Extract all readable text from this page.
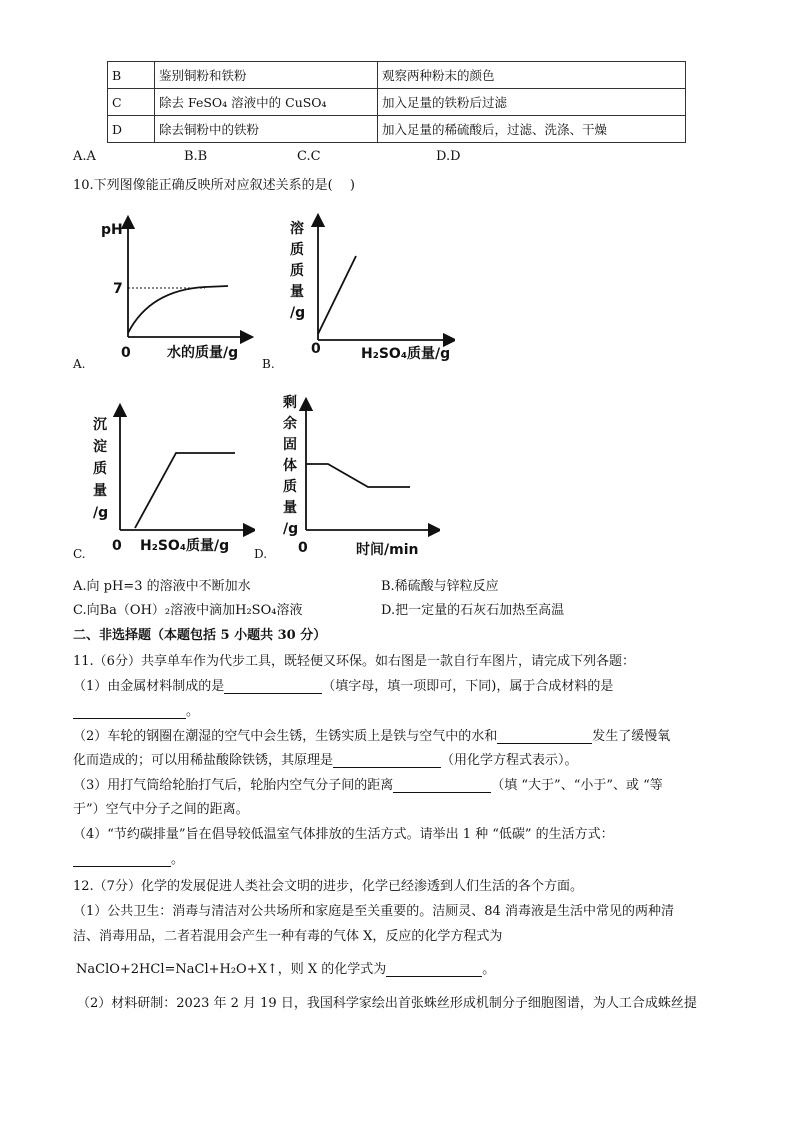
B	鉴别铜粉和铁粉	观察两种粉末的颜色
C	除去 FeSO₄ 溶液中的 CuSO₄	加入足量的铁粉后过滤
D	除去铜粉中的铁粉	加入足量的稀硫酸后，过滤、洗涤、干燥
A.A	B.B	C.C	D.D
10.下列图像能正确反映所对应叙述关系的是(　 )
pH
7
0	水的质量/g
A.
溶
质
质
量
/g
0	H₂SO₄质量/g
B.
沉
淀
质
量
/g
0 H₂SO₄质量/g
C.
剩
余
固
体
质
量
/g
0	时间/min
D.
A.向 pH=3 的溶液中不断加水	B.稀硫酸与锌粒反应
C.向Ba（OH）₂溶液中滴加H₂SO₄溶液	D.把一定量的石灰石加热至高温
二、非选择题（本题包括 5 小题共 30 分）
11.（6分）共享单车作为代步工具，既轻便又环保。如右图是一款自行车图片，请完成下列各题：
（1）由金属材料制成的是	（填字母，填一项即可，下同)，属于合成材料的是
。
（2）车轮的钢圈在潮湿的空气中会生锈，生锈实质上是铁与空气中的水和	发生了缓慢氧
化而造成的；可以用稀盐酸除铁锈，其原理是	（用化学方程式表示）。
（3）用打气筒给轮胎打气后，轮胎内空气分子间的距离	（填 “大于”、“小于”、或 “等
于”）空气中分子之间的距离。
（4）“节约碳排量”旨在倡导较低温室气体排放的生活方式。请举出 1 种 “低碳” 的生活方式：
。
12.（7分）化学的发展促进人类社会文明的进步，化学已经渗透到人们生活的各个方面。
（1）公共卫生：消毒与清洁对公共场所和家庭是至关重要的。洁厕灵、84 消毒液是生活中常见的两种清
洁、消毒用品，二者若混用会产生一种有毒的气体 X，反应的化学方程式为
NaClO+2HCl=NaCl+H₂O+X↑，则 X 的化学式为	。
（2）材料研制：2023 年 2 月 19 日，我国科学家绘出首张蛛丝形成机制分子细胞图谱，为人工合成蛛丝提
